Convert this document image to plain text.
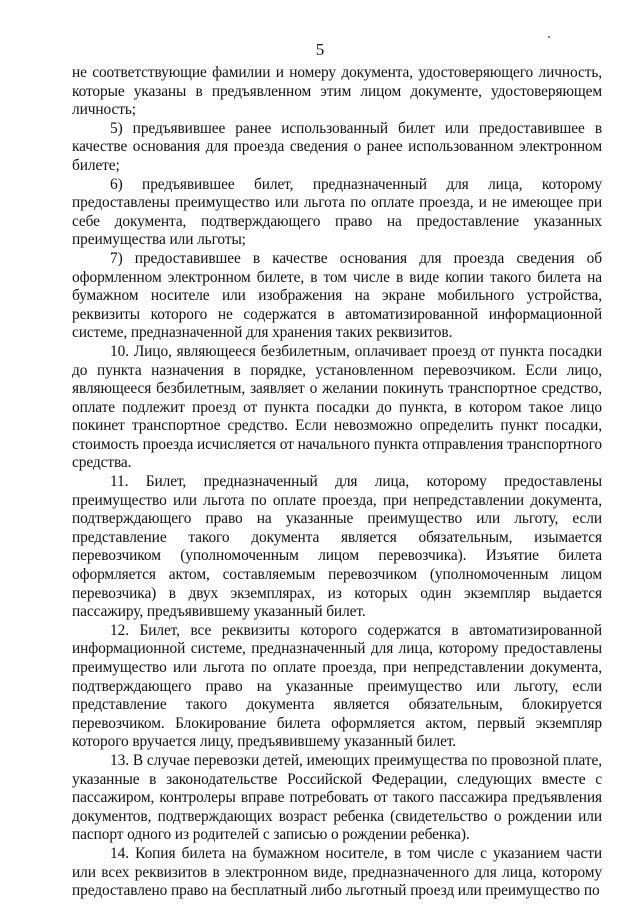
5

не соответствующие фамилии и номеру документа, удостоверяющего личность, которые указаны в предъявленном этим лицом документе, удостоверяющем личность;

5) предъявившее ранее использованный билет или предоставившее в качестве основания для проезда сведения о ранее использованном электронном билете;

6) предъявившее билет, предназначенный для лица, которому предоставлены преимущество или льгота по оплате проезда, и не имеющее при себе документа, подтверждающего право на предоставление указанных преимущества или льготы;

7) предоставившее в качестве основания для проезда сведения об оформленном электронном билете, в том числе в виде копии такого билета на бумажном носителе или изображения на экране мобильного устройства, реквизиты которого не содержатся в автоматизированной информационной системе, предназначенной для хранения таких реквизитов.

10. Лицо, являющееся безбилетным, оплачивает проезд от пункта посадки до пункта назначения в порядке, установленном перевозчиком. Если лицо, являющееся безбилетным, заявляет о желании покинуть транспортное средство, оплате подлежит проезд от пункта посадки до пункта, в котором такое лицо покинет транспортное средство. Если невозможно определить пункт посадки, стоимость проезда исчисляется от начального пункта отправления транспортного средства.

11. Билет, предназначенный для лица, которому предоставлены преимущество или льгота по оплате проезда, при непредставлении документа, подтверждающего право на указанные преимущество или льготу, если представление такого документа является обязательным, изымается перевозчиком (уполномоченным лицом перевозчика). Изъятие билета оформляется актом, составляемым перевозчиком (уполномоченным лицом перевозчика) в двух экземплярах, из которых один экземпляр выдается пассажиру, предъявившему указанный билет.

12. Билет, все реквизиты которого содержатся в автоматизированной информационной системе, предназначенный для лица, которому предоставлены преимущество или льгота по оплате проезда, при непредставлении документа, подтверждающего право на указанные преимущество или льготу, если представление такого документа является обязательным, блокируется перевозчиком. Блокирование билета оформляется актом, первый экземпляр которого вручается лицу, предъявившему указанный билет.

13. В случае перевозки детей, имеющих преимущества по провозной плате, указанные в законодательстве Российской Федерации, следующих вместе с пассажиром, контролеры вправе потребовать от такого пассажира предъявления документов, подтверждающих возраст ребенка (свидетельство о рождении или паспорт одного из родителей с записью о рождении ребенка).

14. Копия билета на бумажном носителе, в том числе с указанием части или всех реквизитов в электронном виде, предназначенного для лица, которому предоставлено право на бесплатный либо льготный проезд или преимущество по
